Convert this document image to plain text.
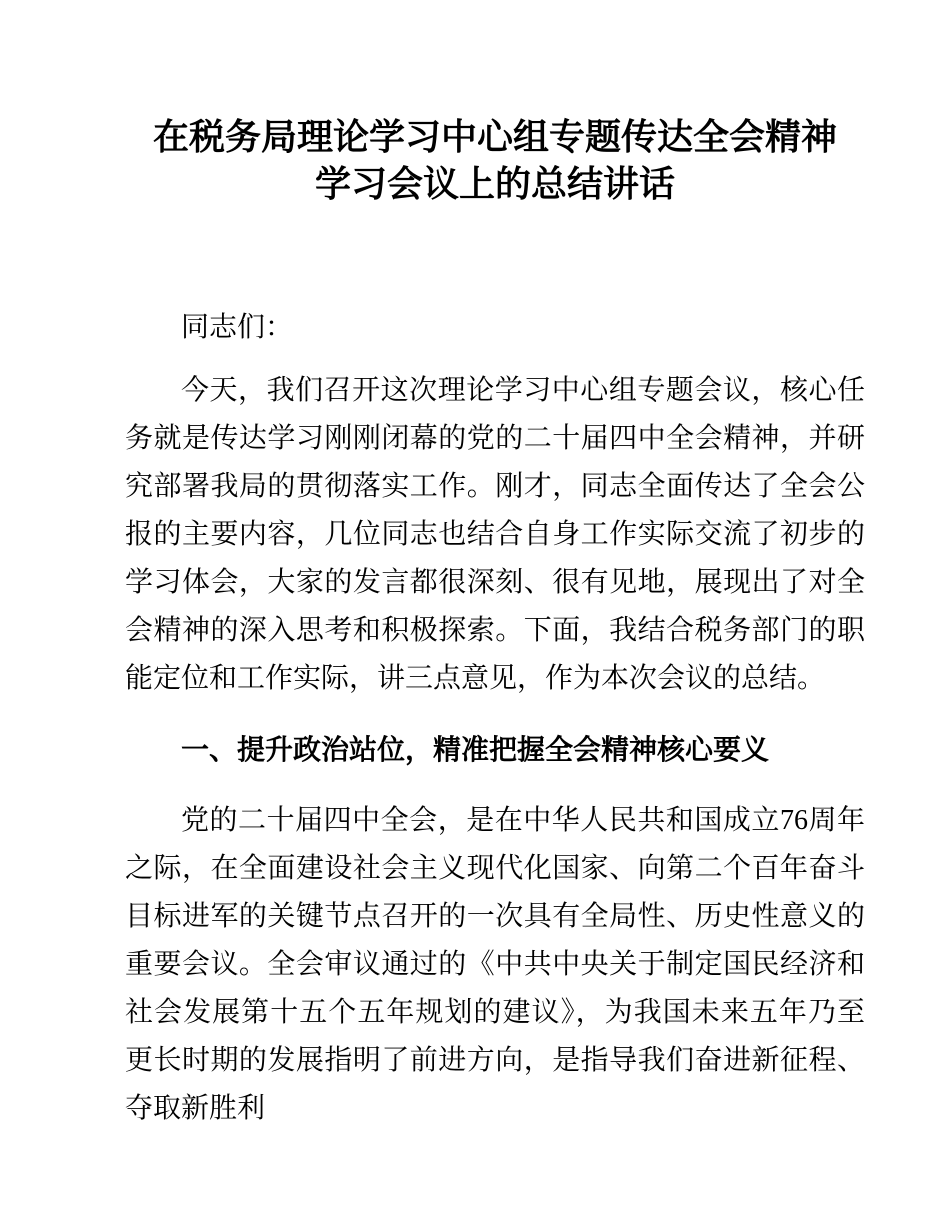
在税务局理论学习中心组专题传达全会精神
学习会议上的总结讲话

同志们：

今天，我们召开这次理论学习中心组专题会议，核心任务就是传达学习刚刚闭幕的党的二十届四中全会精神，并研究部署我局的贯彻落实工作。刚才，同志全面传达了全会公报的主要内容，几位同志也结合自身工作实际交流了初步的学习体会，大家的发言都很深刻、很有见地，展现出了对全会精神的深入思考和积极探索。下面，我结合税务部门的职能定位和工作实际，讲三点意见，作为本次会议的总结。

一、提升政治站位，精准把握全会精神核心要义

党的二十届四中全会，是在中华人民共和国成立76周年之际，在全面建设社会主义现代化国家、向第二个百年奋斗目标进军的关键节点召开的一次具有全局性、历史性意义的重要会议。全会审议通过的《中共中央关于制定国民经济和社会发展第十五个五年规划的建议》，为我国未来五年乃至更长时期的发展指明了前进方向，是指导我们奋进新征程、夺取新胜利
